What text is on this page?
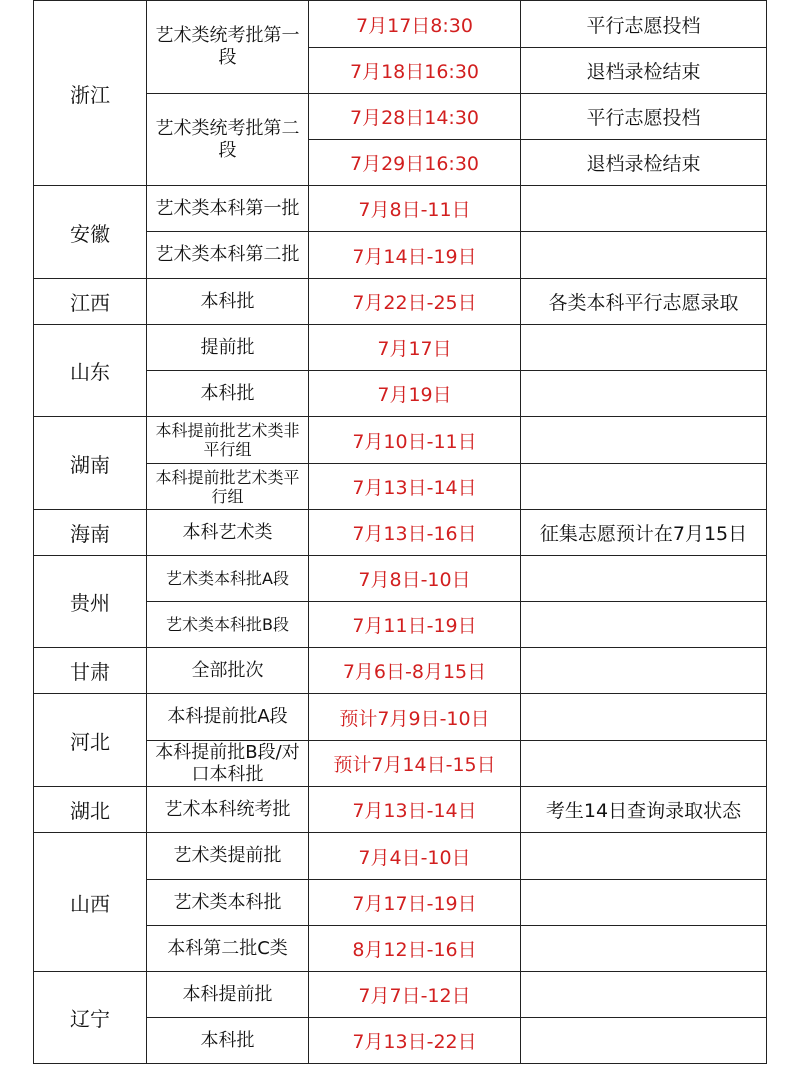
浙江	艺术类统考批第一段	7月17日8:30	平行志愿投档
		7月18日16:30	退档录检结束
	艺术类统考批第二段	7月28日14:30	平行志愿投档
		7月29日16:30	退档录检结束
安徽	艺术类本科第一批	7月8日-11日	
	艺术类本科第二批	7月14日-19日	
江西	本科批	7月22日-25日	各类本科平行志愿录取
山东	提前批	7月17日	
	本科批	7月19日	
湖南	本科提前批艺术类非平行组	7月10日-11日	
	本科提前批艺术类平行组	7月13日-14日	
海南	本科艺术类	7月13日-16日	征集志愿预计在7月15日
贵州	艺术类本科批A段	7月8日-10日	
	艺术类本科批B段	7月11日-19日	
甘肃	全部批次	7月6日-8月15日	
河北	本科提前批A段	预计7月9日-10日	
	本科提前批B段/对口本科批	预计7月14日-15日	
湖北	艺术本科统考批	7月13日-14日	考生14日查询录取状态
山西	艺术类提前批	7月4日-10日	
	艺术类本科批	7月17日-19日	
	本科第二批C类	8月12日-16日	
辽宁	本科提前批	7月7日-12日	
	本科批	7月13日-22日	
